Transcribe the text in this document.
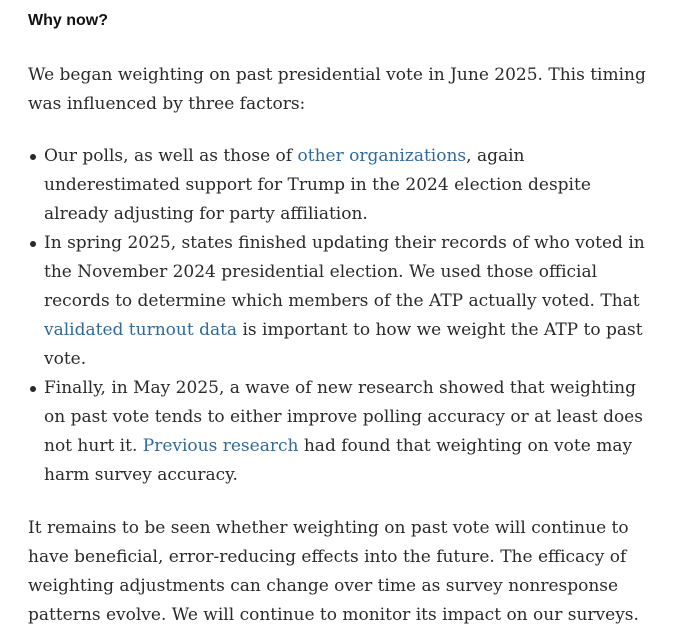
Why now?

We began weighting on past presidential vote in June 2025. This timing was influenced by three factors:

Our polls, as well as those of other organizations, again underestimated support for Trump in the 2024 election despite already adjusting for party affiliation.
In spring 2025, states finished updating their records of who voted in the November 2024 presidential election. We used those official records to determine which members of the ATP actually voted. That validated turnout data is important to how we weight the ATP to past vote.
Finally, in May 2025, a wave of new research showed that weighting on past vote tends to either improve polling accuracy or at least does not hurt it. Previous research had found that weighting on vote may harm survey accuracy.

It remains to be seen whether weighting on past vote will continue to have beneficial, error-reducing effects into the future. The efficacy of weighting adjustments can change over time as survey nonresponse patterns evolve. We will continue to monitor its impact on our surveys.
